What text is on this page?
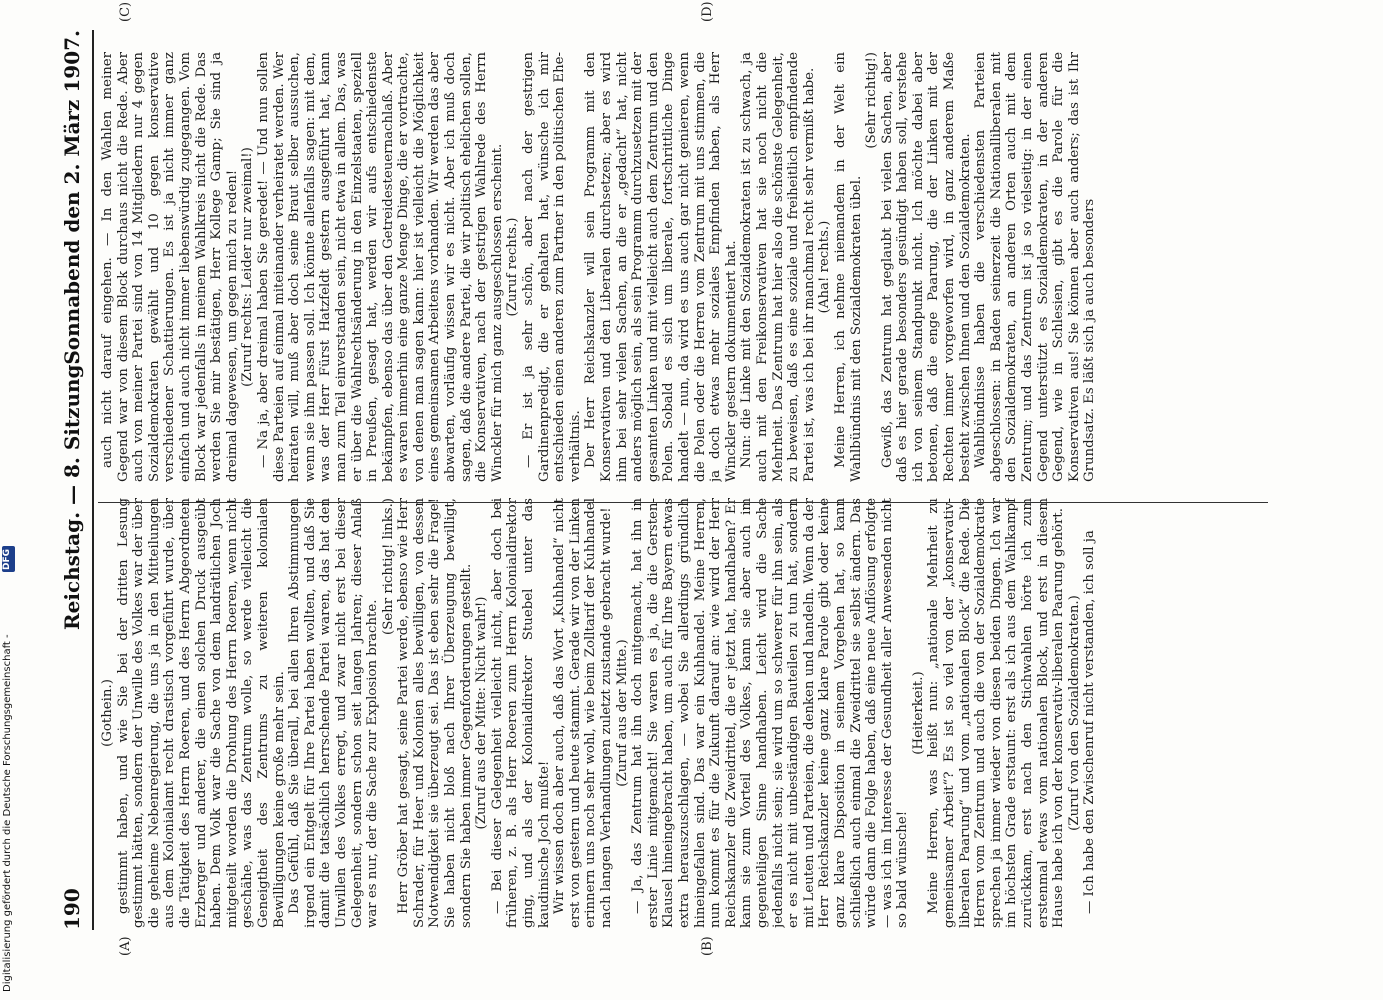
190
Reichstag. — 8. Sitzung.
Sonnabend den 2. März 1907.
(A)	(B)
(C)	(D)

(Gothein.) gestimmt haben, und wie Sie bei der dritten Lesung gestimmt hätten, sondern der Unwille des Volkes war der über die geheime Nebenregierung, die uns ja in den Mitteilungen aus dem Kolonialamt recht drastisch vorgeführt wurde, über die Tätigkeit des Herrn Roeren, und des Herrn Abgeordneten Erzberger und anderer, die einen solchen Druck ausgeübt haben. Dem Volk war die Sache von dem landrätlichen Joch mitgeteilt worden die Drohung des Herrn Roeren, wenn nicht geschähe, was das Zentrum wolle, so werde vielleicht die Geneigtheit des Zentrums zu weiteren kolonialen Bewilligungen keine große mehr sein. Das Gefühl, daß Sie überall, bei allen Ihren Abstimmungen irgend ein Entgelt für Ihre Partei haben wollten, und daß Sie damit die tatsächlich herrschende Partei waren, das hat den Unwillen des Volkes erregt, und zwar nicht erst bei dieser Gelegenheit, sondern schon seit langen Jahren; dieser Anlaß war es nur, der die Sache zur Explosion brachte.

(Sehr richtig! links.) Herr Gröber hat gesagt, seine Partei werde, ebenso wie Herr Schrader, für Heer und Kolonien alles bewilligen, von dessen Notwendigkeit sie überzeugt sei. Das ist eben sehr die Frage! Sie haben nicht bloß nach Ihrer Überzeugung bewilligt, sondern Sie haben immer Gegenforderungen gestellt. (Zuruf aus der Mitte: Nicht wahr!) — Bei dieser Gelegenheit vielleicht nicht, aber doch bei früheren, z. B. als Herr Roeren zum Herrn Kolonialdirektor ging, und als der Kolonialdirektor Stuebel unter das kaudinische Joch mußte! Wir wissen doch aber auch, daß das Wort „Kuhhandel“ nicht erst von gestern und heute stammt. Gerade wir von der Linken erinnern uns noch sehr wohl, wie beim Zolltarif der Kuhhandel nach langen Verhandlungen zuletzt zustande gebracht wurde! (Zuruf aus der Mitte.) — Ja, das Zentrum hat ihn doch mitgemacht, hat ihn in erster Linie mitgemacht! Sie waren es ja, die die Gersten-Klausel hineingebracht haben, um auch für Ihre Bayern etwas extra herauszuschlagen, — wobei Sie allerdings gründlich hineingefallen sind. Das war ein Kuhhandel. Meine Herren, nun kommt es für die Zukunft darauf an: wie wird der Herr Reichskanzler die Zweidrittel, die er jetzt hat, handhaben? Er kann sie zum Vorteil des Volkes, kann sie aber auch im gegenteiligen Sinne handhaben. Leicht wird die Sache jedenfalls nicht sein; sie wird um so schwerer für ihn sein, als er es nicht mit unbeständigen Bauteilen zu tun hat, sondern mit Leuten und Parteien, die denken und handeln. Wenn da der Herr Reichskanzler keine ganz klare Parole gibt oder keine ganz klare Disposition in seinem Vorgehen hat, so kann schließlich auch einmal die Zweidrittel sie selbst ändern. Das würde dann die Folge haben, daß eine neue Auflösung erfolgte — was ich im Interesse der Gesundheit aller Anwesenden nicht so bald wünsche!

(Heiterkeit.) Meine Herren, was heißt nun: „nationale Mehrheit zu gemeinsamer Arbeit“? Es ist so viel von der „konservativ-liberalen Paarung“ und vom „nationalen Block“ die Rede. Die Herren vom Zentrum und auch die von der Sozialdemokratie sprechen ja immer wieder von diesen beiden Dingen. Ich war im höchsten Grade erstaunt: erst als ich aus dem Wahlkampf zurückkam, erst nach den Stichwahlen hörte ich zum erstenmal etwas vom nationalen Block, und erst in diesem Hause habe ich von der konservativ-liberalen Paarung gehört. (Zuruf von den Sozialdemokraten.) — Ich habe den Zwischenruf nicht verstanden, ich soll ja

auch nicht darauf eingehen. — In den Wahlen meiner Gegend war von diesem Block durchaus nicht die Rede. Aber auch von meiner Partei sind von 14 Mitgliedern nur 4 gegen Sozialdemokraten gewählt und 10 gegen konservative verschiedener Schattierungen. Es ist ja nicht immer ganz einfach und auch nicht immer liebenswürdig zugegangen. Vom Block war jedenfalls in meinem Wahlkreis nicht die Rede. Das werden Sie mir bestätigen, Herr Kollege Gamp; Sie sind ja dreimal dagewesen, um gegen mich zu reden! (Zuruf rechts: Leider nur zweimal!) — Na ja, aber dreimal haben Sie geredet! — Und nun sollen diese Parteien auf einmal miteinander verheiratet werden. Wer heiraten will, muß aber doch seine Braut selber aussuchen, wenn sie ihm passen soll. Ich könnte allenfalls sagen: mit dem, was der Herr Fürst Hatzfeldt gestern ausgeführt hat, kann man zum Teil einverstanden sein, nicht etwa in allem. Das, was er über die Wahlrechtsänderung in den Einzelstaaten, speziell in Preußen, gesagt hat, werden wir aufs entschiedenste bekämpfen, ebenso das über den Getreidesteuernachlaß. Aber es waren immerhin eine ganze Menge Dinge, die er vortrachte, von denen man sagen kann: hier ist vielleicht die Möglichkeit eines gemeinsamen Arbeitens vorhanden. Wir werden das aber abwarten, vorläufig wissen wir es nicht. Aber ich muß doch sagen, daß die andere Partei, die wir politisch ehelichen sollen, die Konservativen, nach der gestrigen Wahlrede des Herrn Winckler für mich ganz ausgeschlossen erscheint. (Zuruf rechts.) — Er ist ja sehr schön, aber nach der gestrigen Gardinenpredigt, die er gehalten hat, wünsche ich mir entschieden einen anderen zum Partner in den politischen Ehe-verhältnis. Der Herr Reichskanzler will sein Programm mit den Konservativen und den Liberalen durchsetzen; aber es wird ihm bei sehr vielen Sachen, an die er „gedacht“ hat, nicht anders möglich sein, als sein Programm durchzusetzen mit der gesamten Linken und mit vielleicht auch dem Zentrum und den Polen. Sobald es sich um liberale, fortschrittliche Dinge handelt — nun, da wird es uns auch gar nicht genieren, wenn die Polen oder die Herren vom Zentrum mit uns stimmen, die ja doch etwas mehr soziales Empfinden haben, als Herr Winckler gestern dokumentiert hat. Nun: die Linke mit den Sozialdemokraten ist zu schwach, ja auch mit den Freikonservativen hat sie noch nicht die Mehrheit. Das Zentrum hat hier also die schönste Gelegenheit, zu beweisen, daß es eine soziale und freiheitlich empfindende Partei ist, was ich bei ihr manchmal recht sehr vermißt habe. (Aha! rechts.) Meine Herren, ich nehme niemandem in der Welt ein Wahlbündnis mit den Sozialdemokraten übel.

(Sehr richtig!) Gewiß, das Zentrum hat geglaubt bei vielen Sachen, aber daß es hier gerade besonders gesündigt haben soll, verstehe ich von seinem Standpunkt nicht. Ich möchte dabei aber betonen, daß die enge Paarung, die der Linken mit der Rechten immer vorgeworfen wird, in ganz anderem Maße besteht zwischen Ihnen und den Sozialdemokraten. Wahlbündnisse haben die verschiedensten Parteien abgeschlossen: in Baden seinerzeit die Nationalliberalen mit den Sozialdemokraten, an anderen Orten auch mit dem Zentrum; und das Zentrum ist ja so vielseitig: in der einen Gegend unterstützt es Sozialdemokraten, in der anderen Gegend, wie in Schlesien, gibt es die Parole für die Konservativen aus! Sie können aber auch anders; das ist Ihr Grundsatz. Es läßt sich ja auch besonders

Digitalisierung gefördert durch die Deutsche Forschungsgemeinschaft -
DFG
